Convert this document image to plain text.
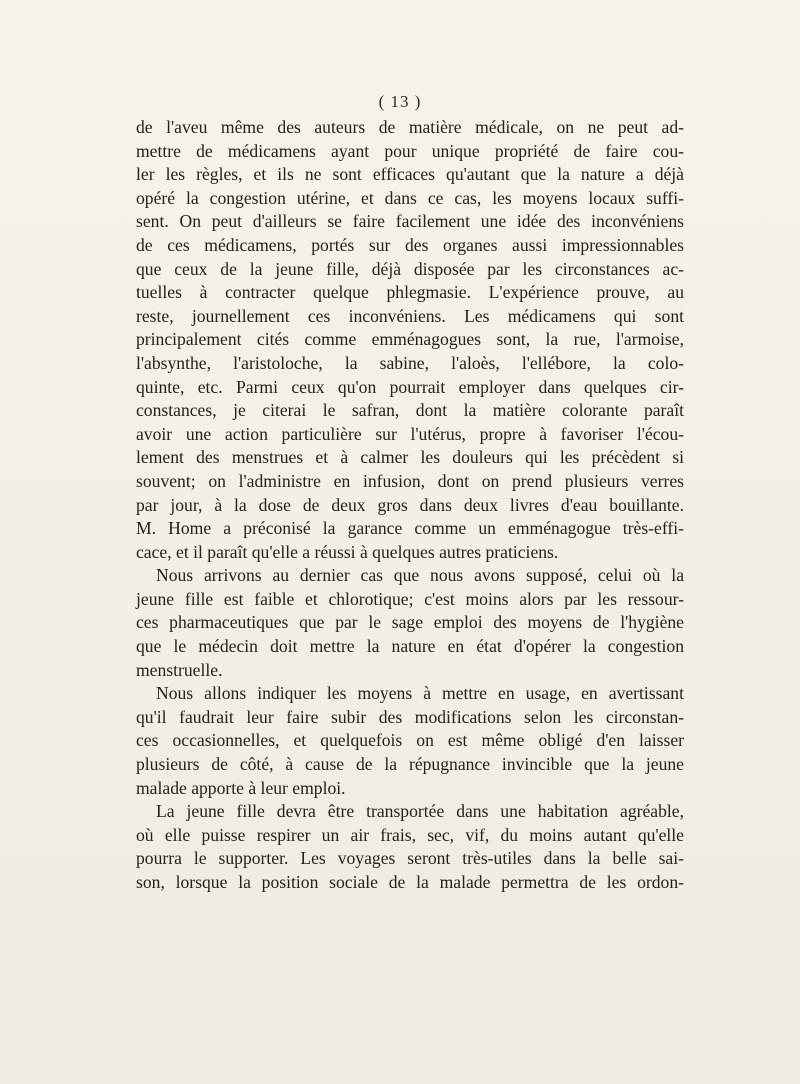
( 13 )
de l'aveu même des auteurs de matière médicale, on ne peut ad-
mettre de médicamens ayant pour unique propriété de faire cou-
ler les règles, et ils ne sont efficaces qu'autant que la nature a déjà
opéré la congestion utérine, et dans ce cas, les moyens locaux suffi-
sent. On peut d'ailleurs se faire facilement une idée des inconvéniens
de ces médicamens, portés sur des organes aussi impressionnables
que ceux de la jeune fille, déjà disposée par les circonstances ac-
tuelles à contracter quelque phlegmasie. L'expérience prouve, au
reste, journellement ces inconvéniens. Les médicamens qui sont
principalement cités comme emménagogues sont, la rue, l'armoise,
l'absynthe, l'aristoloche, la sabine, l'aloès, l'ellébore, la colo-
quinte, etc. Parmi ceux qu'on pourrait employer dans quelques cir-
constances, je citerai le safran, dont la matière colorante paraît
avoir une action particulière sur l'utérus, propre à favoriser l'écou-
lement des menstrues et à calmer les douleurs qui les précèdent si
souvent; on l'administre en infusion, dont on prend plusieurs verres
par jour, à la dose de deux gros dans deux livres d'eau bouillante.
M. Home a préconisé la garance comme un emménagogue très-effi-
cace, et il paraît qu'elle a réussi à quelques autres praticiens.
Nous arrivons au dernier cas que nous avons supposé, celui où la
jeune fille est faible et chlorotique; c'est moins alors par les ressour-
ces pharmaceutiques que par le sage emploi des moyens de l'hygiène
que le médecin doit mettre la nature en état d'opérer la congestion
menstruelle.
Nous allons indiquer les moyens à mettre en usage, en avertissant
qu'il faudrait leur faire subir des modifications selon les circonstan-
ces occasionnelles, et quelquefois on est même obligé d'en laisser
plusieurs de côté, à cause de la répugnance invincible que la jeune
malade apporte à leur emploi.
La jeune fille devra être transportée dans une habitation agréable,
où elle puisse respirer un air frais, sec, vif, du moins autant qu'elle
pourra le supporter. Les voyages seront très-utiles dans la belle sai-
son, lorsque la position sociale de la malade permettra de les ordon-
